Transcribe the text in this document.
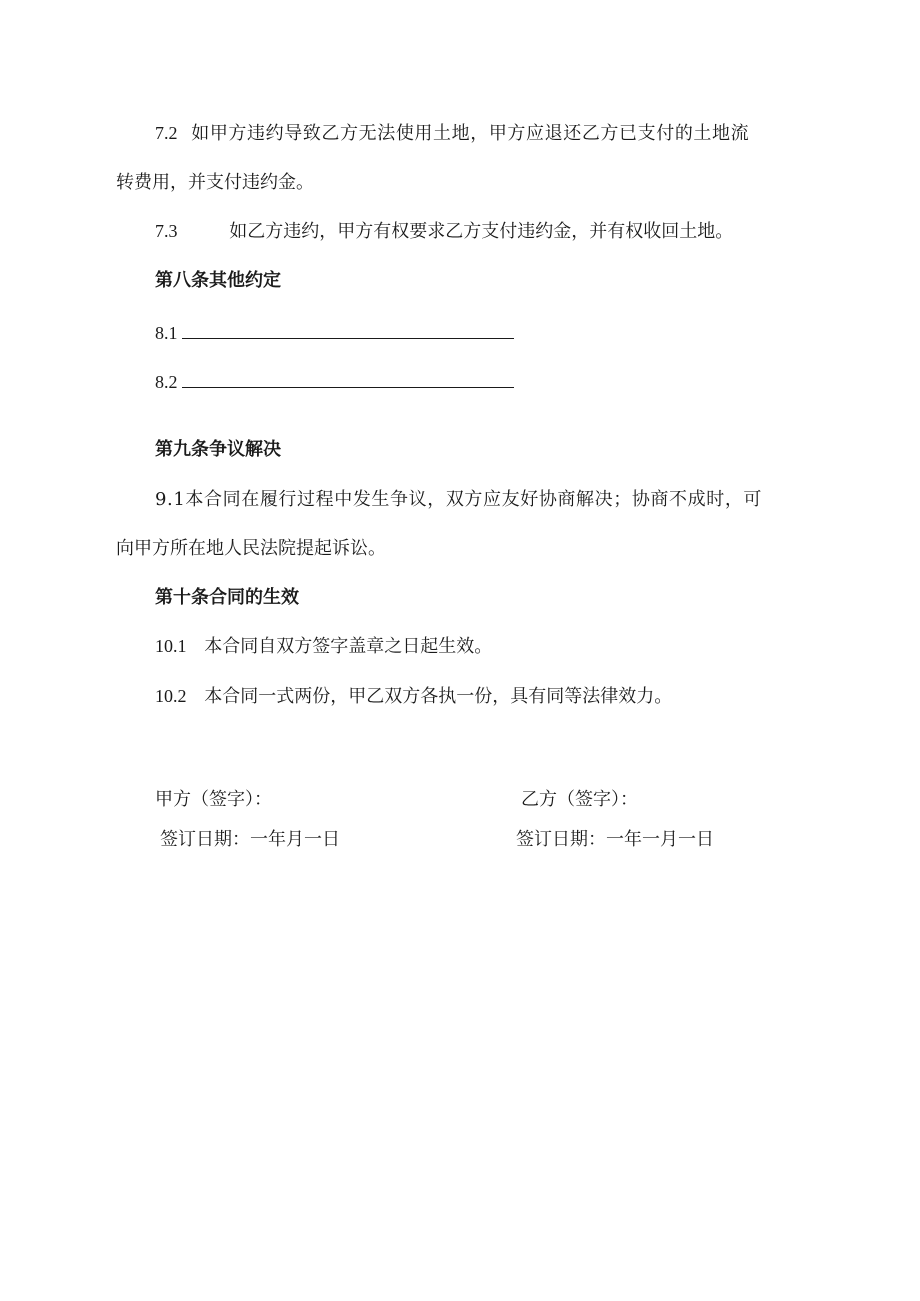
7.2 如甲方违约导致乙方无法使用土地，甲方应退还乙方已支付的土地流
转费用，并支付违约金。
7.3	如乙方违约，甲方有权要求乙方支付违约金，并有权收回土地。
第八条其他约定
8.1
8.2
第九条争议解决
9.1本合同在履行过程中发生争议，双方应友好协商解决；协商不成时，可
向甲方所在地人民法院提起诉讼。
第十条合同的生效
10.1 本合同自双方签字盖章之日起生效。
10.2 本合同一式两份，甲乙双方各执一份，具有同等法律效力。
甲方（签字）：
签订日期：一年月一日
乙方（签字）：
签订日期：一年一月一日
